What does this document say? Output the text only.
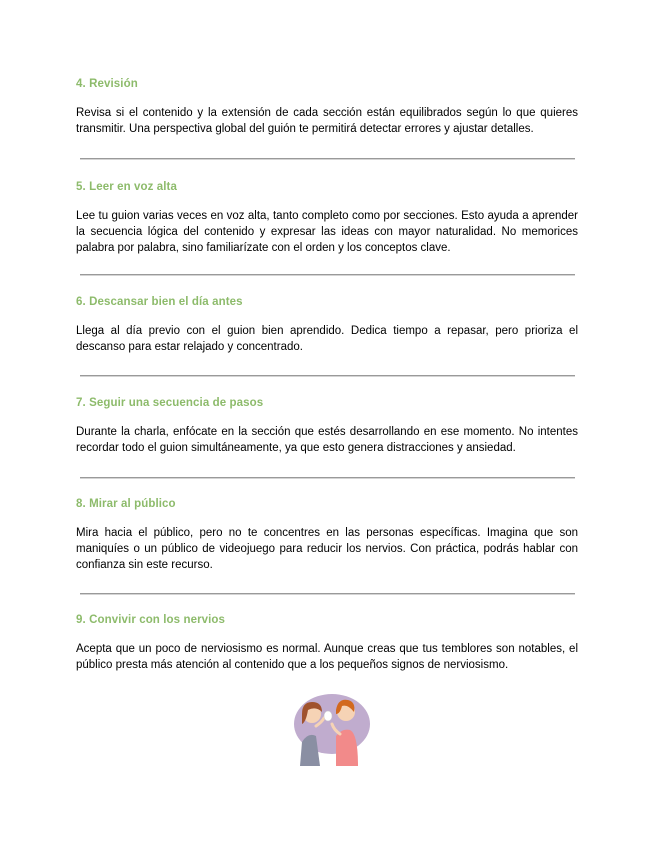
4. Revisión

Revisa si el contenido y la extensión de cada sección están equilibrados según lo que quieres transmitir. Una perspectiva global del guión te permitirá detectar errores y ajustar detalles.

5. Leer en voz alta

Lee tu guion varias veces en voz alta, tanto completo como por secciones. Esto ayuda a aprender la secuencia lógica del contenido y expresar las ideas con mayor naturalidad. No memorices palabra por palabra, sino familiarízate con el orden y los conceptos clave.

6. Descansar bien el día antes

Llega al día previo con el guion bien aprendido. Dedica tiempo a repasar, pero prioriza el descanso para estar relajado y concentrado.

7. Seguir una secuencia de pasos

Durante la charla, enfócate en la sección que estés desarrollando en ese momento. No intentes recordar todo el guion simultáneamente, ya que esto genera distracciones y ansiedad.

8. Mirar al público

Mira hacia el público, pero no te concentres en las personas específicas. Imagina que son maniquíes o un público de videojuego para reducir los nervios. Con práctica, podrás hablar con confianza sin este recurso.

9. Convivir con los nervios

Acepta que un poco de nerviosismo es normal. Aunque creas que tus temblores son notables, el público presta más atención al contenido que a los pequeños signos de nerviosismo.
